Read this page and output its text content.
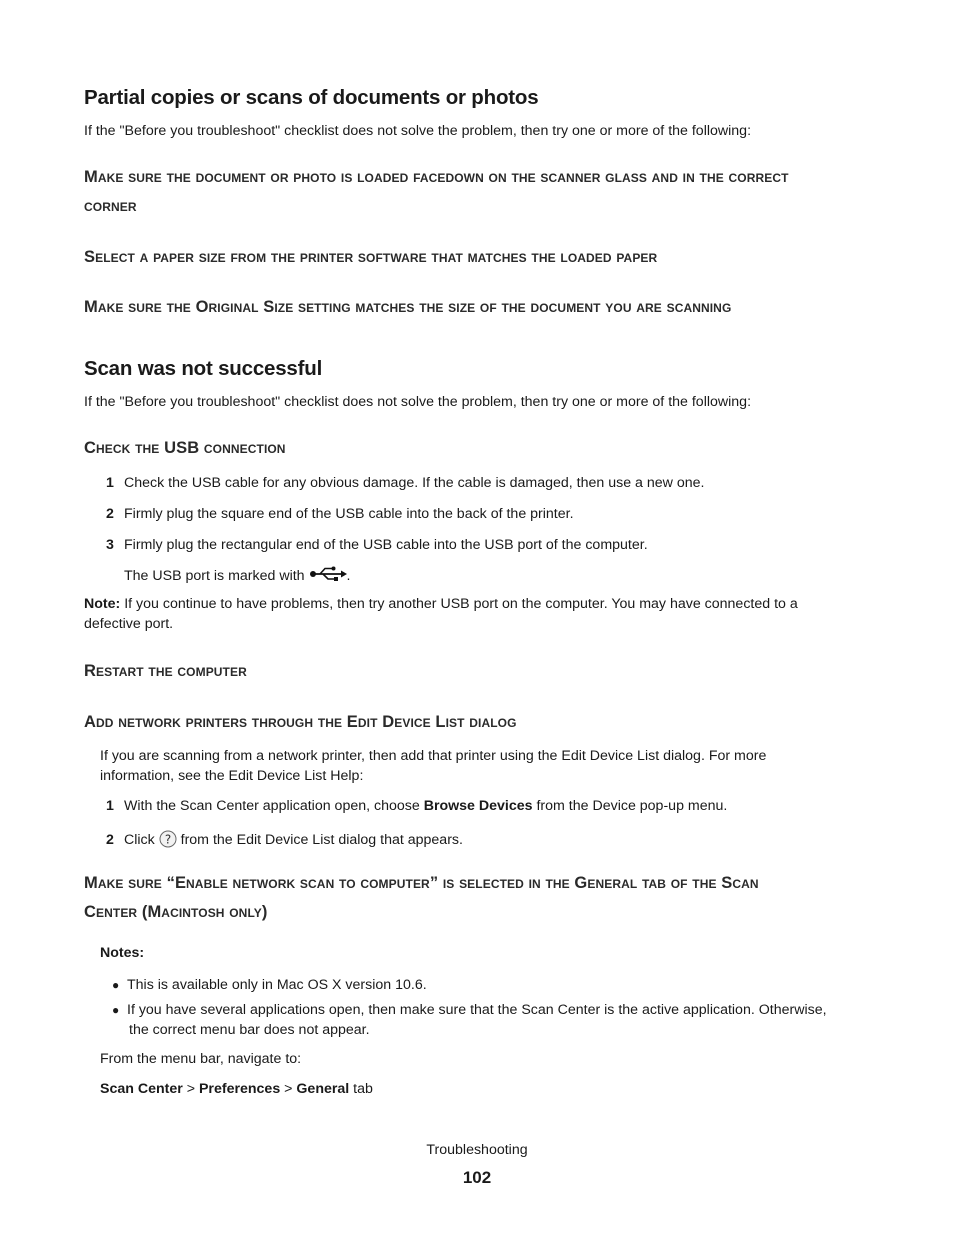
Partial copies or scans of documents or photos
If the "Before you troubleshoot" checklist does not solve the problem, then try one or more of the following:
Make sure the document or photo is loaded facedown on the scanner glass and in the correct
corner
Select a paper size from the printer software that matches the loaded paper
Make sure the Original Size setting matches the size of the document you are scanning
Scan was not successful
If the "Before you troubleshoot" checklist does not solve the problem, then try one or more of the following:
Check the USB connection
1 Check the USB cable for any obvious damage. If the cable is damaged, then use a new one.
2 Firmly plug the square end of the USB cable into the back of the printer.
3 Firmly plug the rectangular end of the USB cable into the USB port of the computer.
The USB port is marked with	.
Note: If you continue to have problems, then try another USB port on the computer. You may have connected to a
defective port.
Restart the computer
Add network printers through the Edit Device List dialog
If you are scanning from a network printer, then add that printer using the Edit Device List dialog. For more
information, see the Edit Device List Help:
1 With the Scan Center application open, choose Browse Devices from the Device pop-up menu.
2 Click ? from the Edit Device List dialog that appears.
Make sure “Enable network scan to computer” is selected in the General tab of the Scan
Center (Macintosh only)
Notes:
● This is available only in Mac OS X version 10.6.
● If you have several applications open, then make sure that the Scan Center is the active application. Otherwise,
the correct menu bar does not appear.
From the menu bar, navigate to:
Scan Center > Preferences > General tab
Troubleshooting
102
